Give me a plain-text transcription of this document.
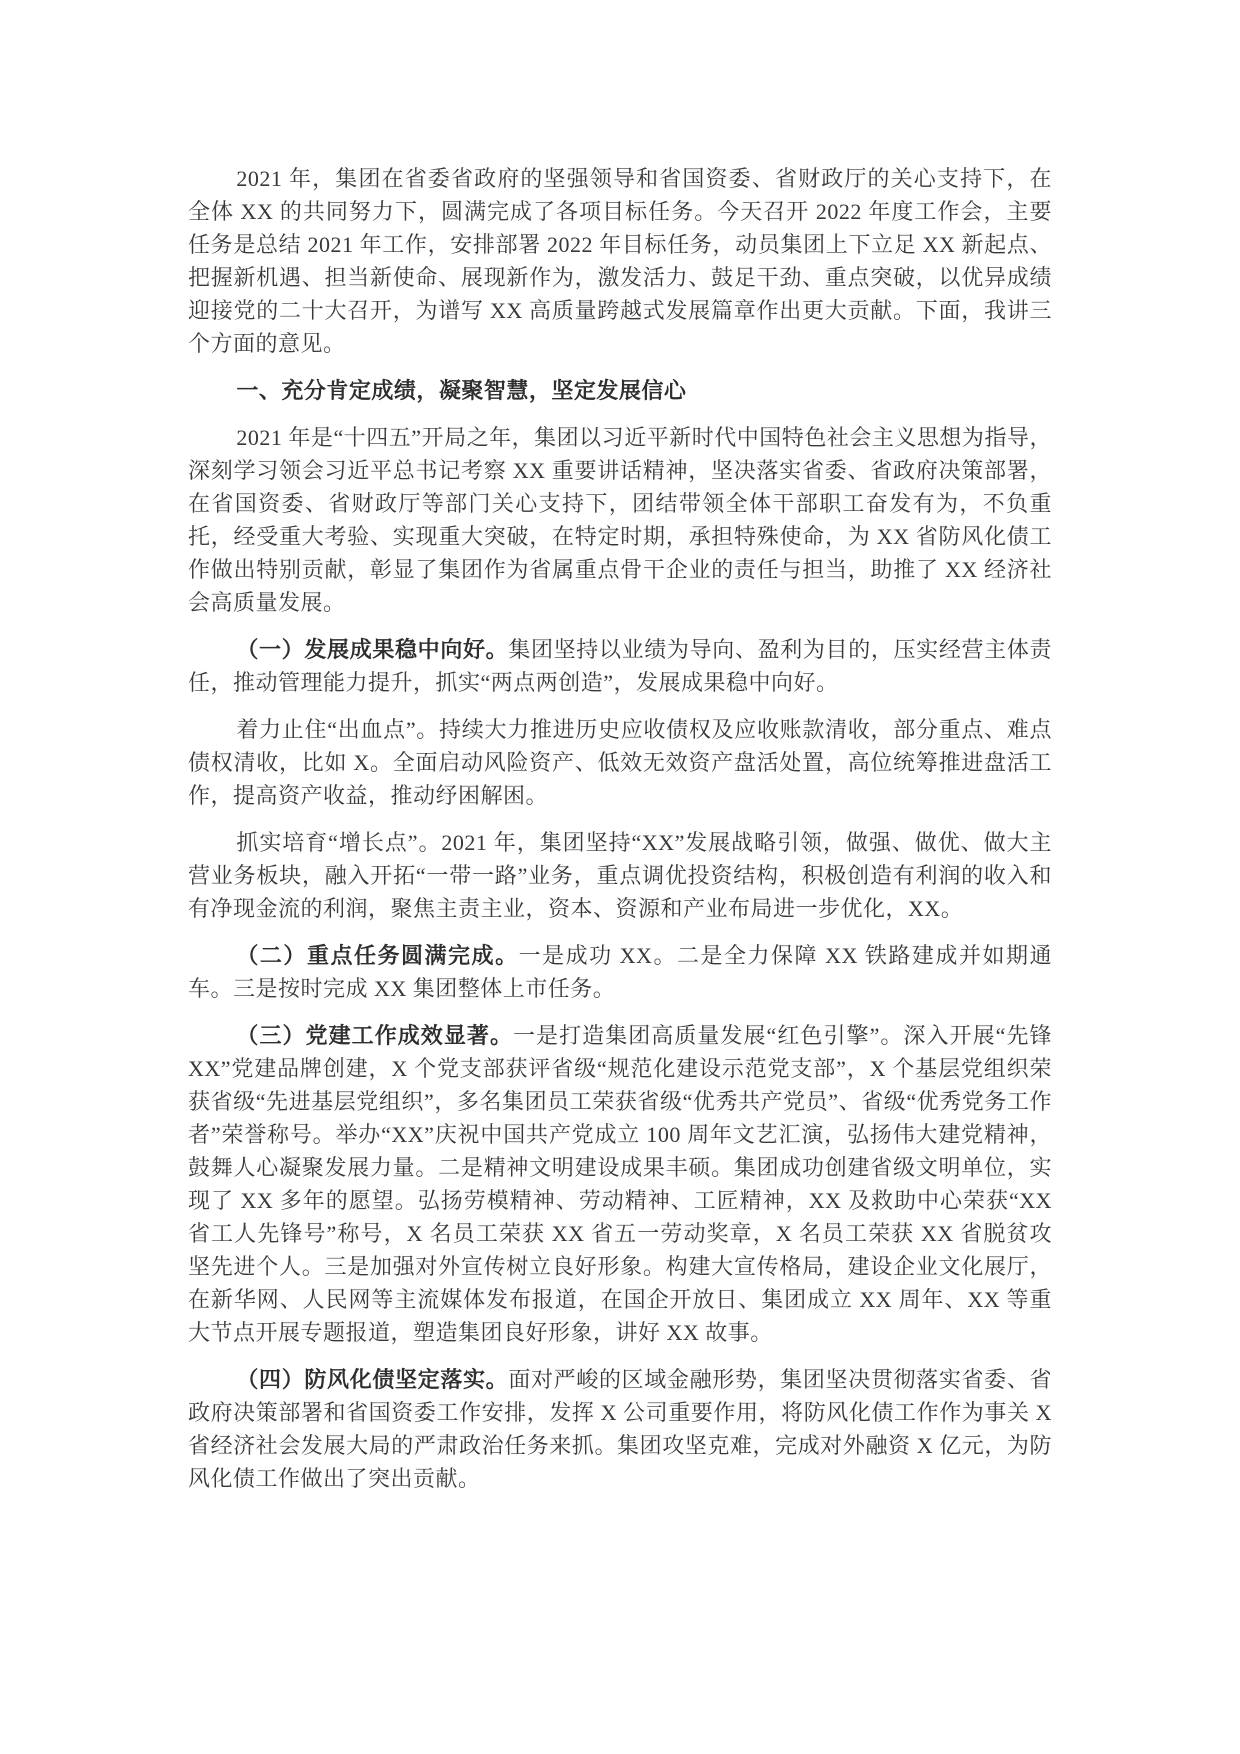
2021 年，集团在省委省政府的坚强领导和省国资委、省财政厅的关心支持下，在全体 XX 的共同努力下，圆满完成了各项目标任务。今天召开 2022 年度工作会，主要任务是总结 2021 年工作，安排部署 2022 年目标任务，动员集团上下立足 XX 新起点、把握新机遇、担当新使命、展现新作为，激发活力、鼓足干劲、重点突破，以优异成绩迎接党的二十大召开，为谱写 XX 高质量跨越式发展篇章作出更大贡献。下面，我讲三个方面的意见。

一、充分肯定成绩，凝聚智慧，坚定发展信心

2021 年是“十四五”开局之年，集团以习近平新时代中国特色社会主义思想为指导，深刻学习领会习近平总书记考察 XX 重要讲话精神，坚决落实省委、省政府决策部署，在省国资委、省财政厅等部门关心支持下，团结带领全体干部职工奋发有为，不负重托，经受重大考验、实现重大突破，在特定时期，承担特殊使命，为 XX 省防风化债工作做出特别贡献，彰显了集团作为省属重点骨干企业的责任与担当，助推了 XX 经济社会高质量发展。

（一）发展成果稳中向好。集团坚持以业绩为导向、盈利为目的，压实经营主体责任，推动管理能力提升，抓实“两点两创造”，发展成果稳中向好。

着力止住“出血点”。持续大力推进历史应收债权及应收账款清收，部分重点、难点债权清收，比如 X。全面启动风险资产、低效无效资产盘活处置，高位统筹推进盘活工作，提高资产收益，推动纾困解困。

抓实培育“增长点”。2021 年，集团坚持“XX”发展战略引领，做强、做优、做大主营业务板块，融入开拓“一带一路”业务，重点调优投资结构，积极创造有利润的收入和有净现金流的利润，聚焦主责主业，资本、资源和产业布局进一步优化，XX。

（二）重点任务圆满完成。一是成功 XX。二是全力保障 XX 铁路建成并如期通车。三是按时完成 XX 集团整体上市任务。

（三）党建工作成效显著。一是打造集团高质量发展“红色引擎”。深入开展“先锋 XX”党建品牌创建，X 个党支部获评省级“规范化建设示范党支部”，X 个基层党组织荣获省级“先进基层党组织”，多名集团员工荣获省级“优秀共产党员”、省级“优秀党务工作者”荣誉称号。举办“XX”庆祝中国共产党成立 100 周年文艺汇演，弘扬伟大建党精神，鼓舞人心凝聚发展力量。二是精神文明建设成果丰硕。集团成功创建省级文明单位，实现了 XX 多年的愿望。弘扬劳模精神、劳动精神、工匠精神，XX 及救助中心荣获“XX 省工人先锋号”称号，X 名员工荣获 XX 省五一劳动奖章，X 名员工荣获 XX 省脱贫攻坚先进个人。三是加强对外宣传树立良好形象。构建大宣传格局，建设企业文化展厅，在新华网、人民网等主流媒体发布报道，在国企开放日、集团成立 XX 周年、XX 等重大节点开展专题报道，塑造集团良好形象，讲好 XX 故事。

（四）防风化债坚定落实。面对严峻的区域金融形势，集团坚决贯彻落实省委、省政府决策部署和省国资委工作安排，发挥 X 公司重要作用，将防风化债工作作为事关 X 省经济社会发展大局的严肃政治任务来抓。集团攻坚克难，完成对外融资 X 亿元，为防风化债工作做出了突出贡献。
